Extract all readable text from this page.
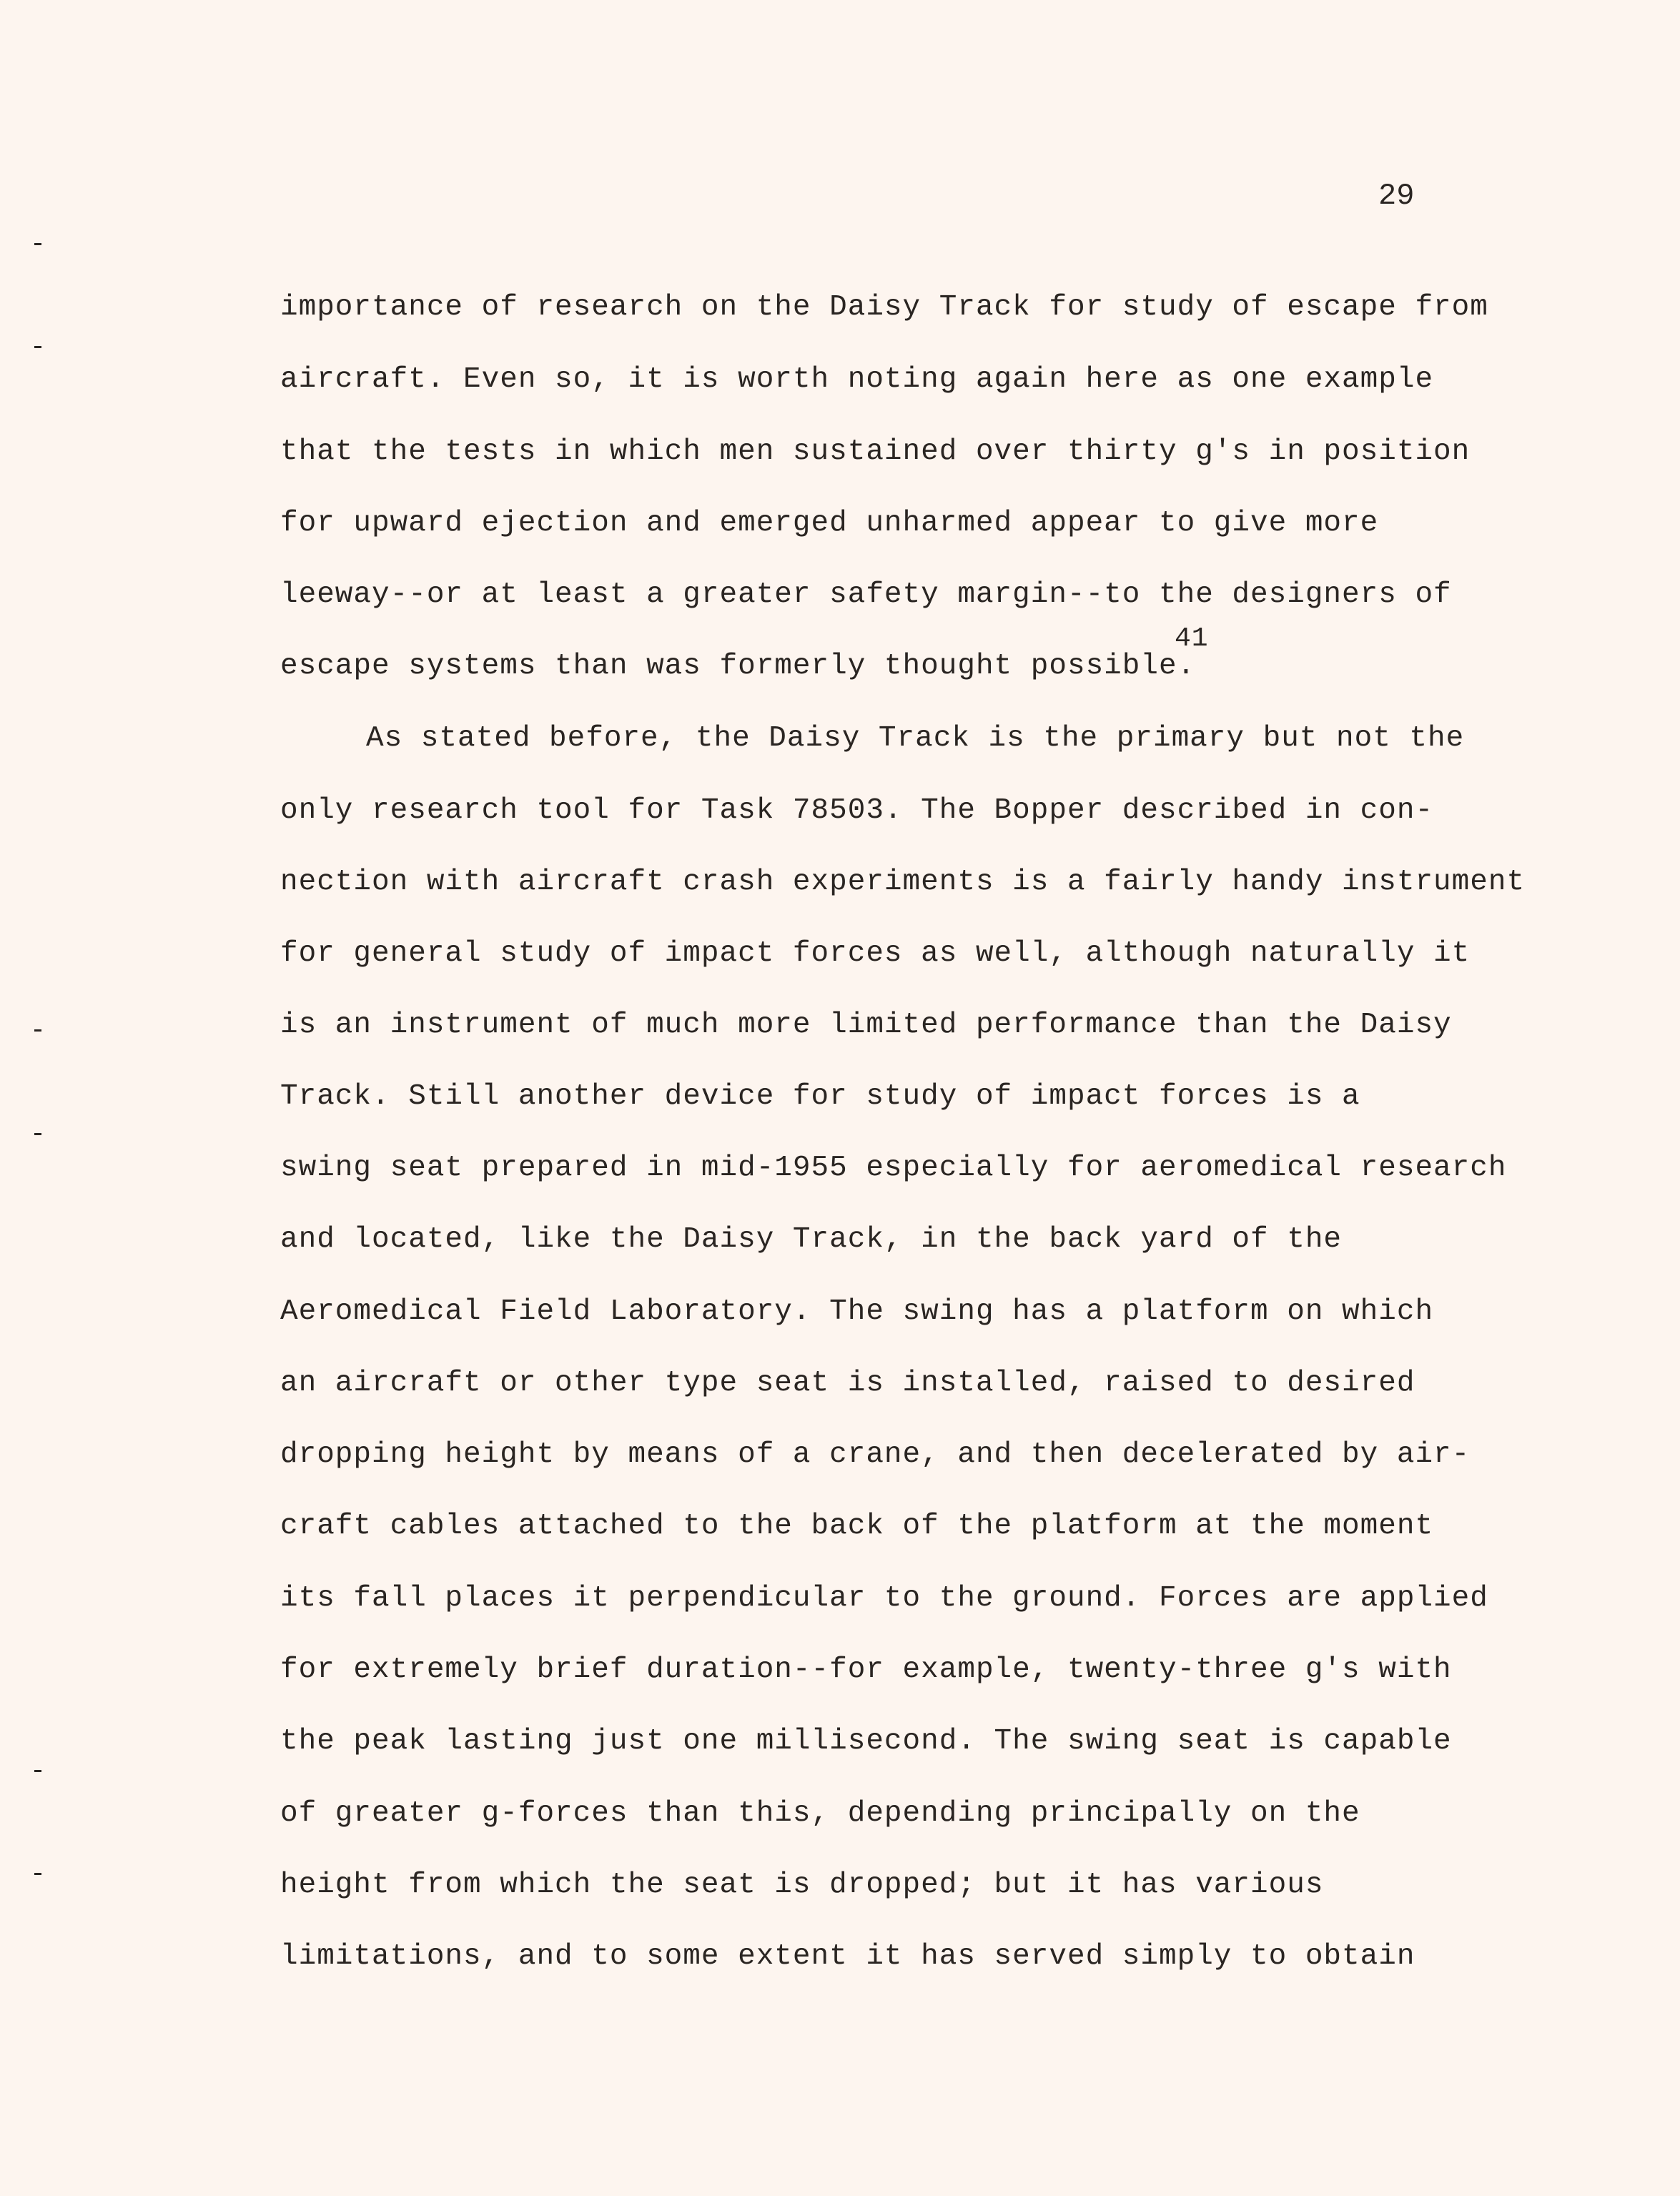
29
importance of research on the Daisy Track for study of escape from
aircraft. Even so, it is worth noting again here as one example
that the tests in which men sustained over thirty g's in position
for upward ejection and emerged unharmed appear to give more
leeway--or at least a greater safety margin--to the designers of
escape systems than was formerly thought possible.
41
As stated before, the Daisy Track is the primary but not the
only research tool for Task 78503. The Bopper described in con-
nection with aircraft crash experiments is a fairly handy instrument
for general study of impact forces as well, although naturally it
is an instrument of much more limited performance than the Daisy
Track. Still another device for study of impact forces is a
swing seat prepared in mid-1955 especially for aeromedical research
and located, like the Daisy Track, in the back yard of the
Aeromedical Field Laboratory. The swing has a platform on which
an aircraft or other type seat is installed, raised to desired
dropping height by means of a crane, and then decelerated by air-
craft cables attached to the back of the platform at the moment
its fall places it perpendicular to the ground. Forces are applied
for extremely brief duration--for example, twenty-three g's with
the peak lasting just one millisecond. The swing seat is capable
of greater g-forces than this, depending principally on the
height from which the seat is dropped; but it has various
limitations, and to some extent it has served simply to obtain
